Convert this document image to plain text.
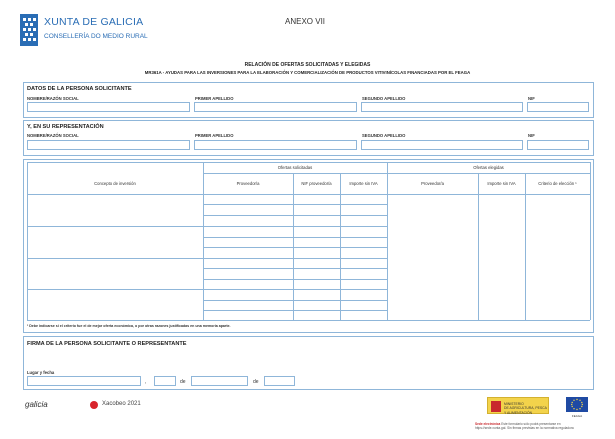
XUNTA DE GALICIA
CONSELLERÍA DO MEDIO RURAL
ANEXO VII
RELACIÓN DE OFERTAS SOLICITADAS Y ELEGIDAS
MR361A - AYUDAS PARA LAS INVERSIONES PARA LA ELABORACIÓN Y COMERCIALIZACIÓN DE PRODUCTOS VITIVINÍCOLAS FINANCIADAS POR EL FEAGA
DATOS DE LA PERSONA SOLICITANTE
NOMBRE/RAZÓN SOCIAL	PRIMER APELLIDO	SEGUNDO APELLIDO	NIF
Y, EN SU REPRESENTACIÓN
NOMBRE/RAZÓN SOCIAL	PRIMER APELLIDO	SEGUNDO APELLIDO	NIF
Ofertas solicitadas	Ofertas elegidas
Concepto de inversión	Proveedor/a	NIF proveedor/a	Importe sin IVA	Proveedor/a	Importe sin IVA	Criterio de elección ¹
¹ Debe indicarse si el criterio fue el de mejor oferta económica, o por otras razones justificadas en una memoria aparte.
FIRMA DE LA PERSONA SOLICITANTE O REPRESENTANTE
Lugar y fecha
,	de	de
galicia	Xacobeo 2021	MINISTERIO
DE AGRICULTURA, PESCA
Y ALIMENTACIÓN
FEAGA
Sede electrónica Este formulario sólo podrá presentarse en
https://sede.xunta.gal. Sin firmas previstas en la normativa reguladora
